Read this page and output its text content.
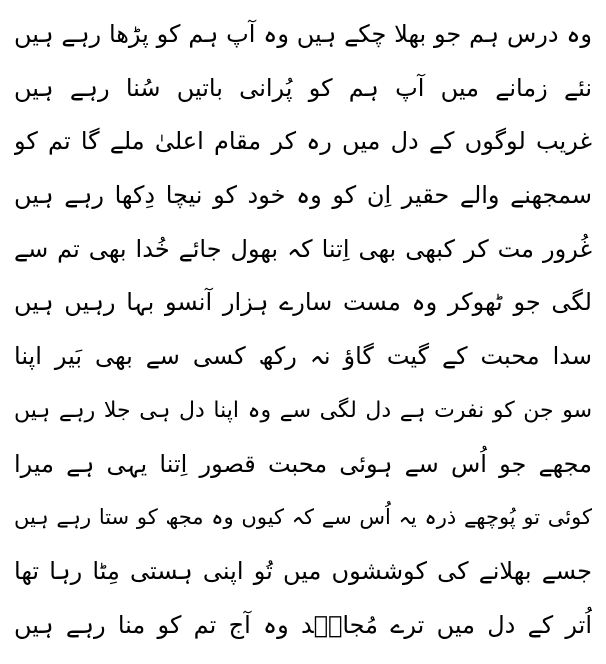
وہ درس ہم جو بھلا چکے ہیں وہ آپ ہم کو پڑھا رہے ہیں
نئے زمانے میں آپ ہم کو پُرانی باتیں سُنا رہے ہیں
غریب لوگوں کے دل میں رہ کر مقام اعلیٰ ملے گا تم کو
سمجھنے والے حقیر اِن کو وہ خود کو نیچا دِکھا رہے ہیں
غُرور مت کر کبھی بھی اِتنا کہ بھول جائے خُدا بھی تم سے
لگی جو ٹھوکر وہ مست سارے ہزار آنسو بہا رہیں ہیں
سدا محبت کے گیت گاؤ نہ رکھ کسی سے بھی بَیر اپنا
سو جن کو نفرت ہے دل لگی سے وہ اپنا دل ہی جلا رہے ہیں
مجھے جو اُس سے ہوئی محبت قصور اِتنا یہی ہے میرا
کوئی تو پُوچھے ذرہ یہ اُس سے کہ کیوں وہ مجھ کو ستا رہے ہیں
جسے بھلانے کی کوششوں میں تُو اپنی ہستی مِٹا رہا تھا
اُتر کے دل میں ترے مُجاہؔد وہ آج تم کو منا رہے ہیں
